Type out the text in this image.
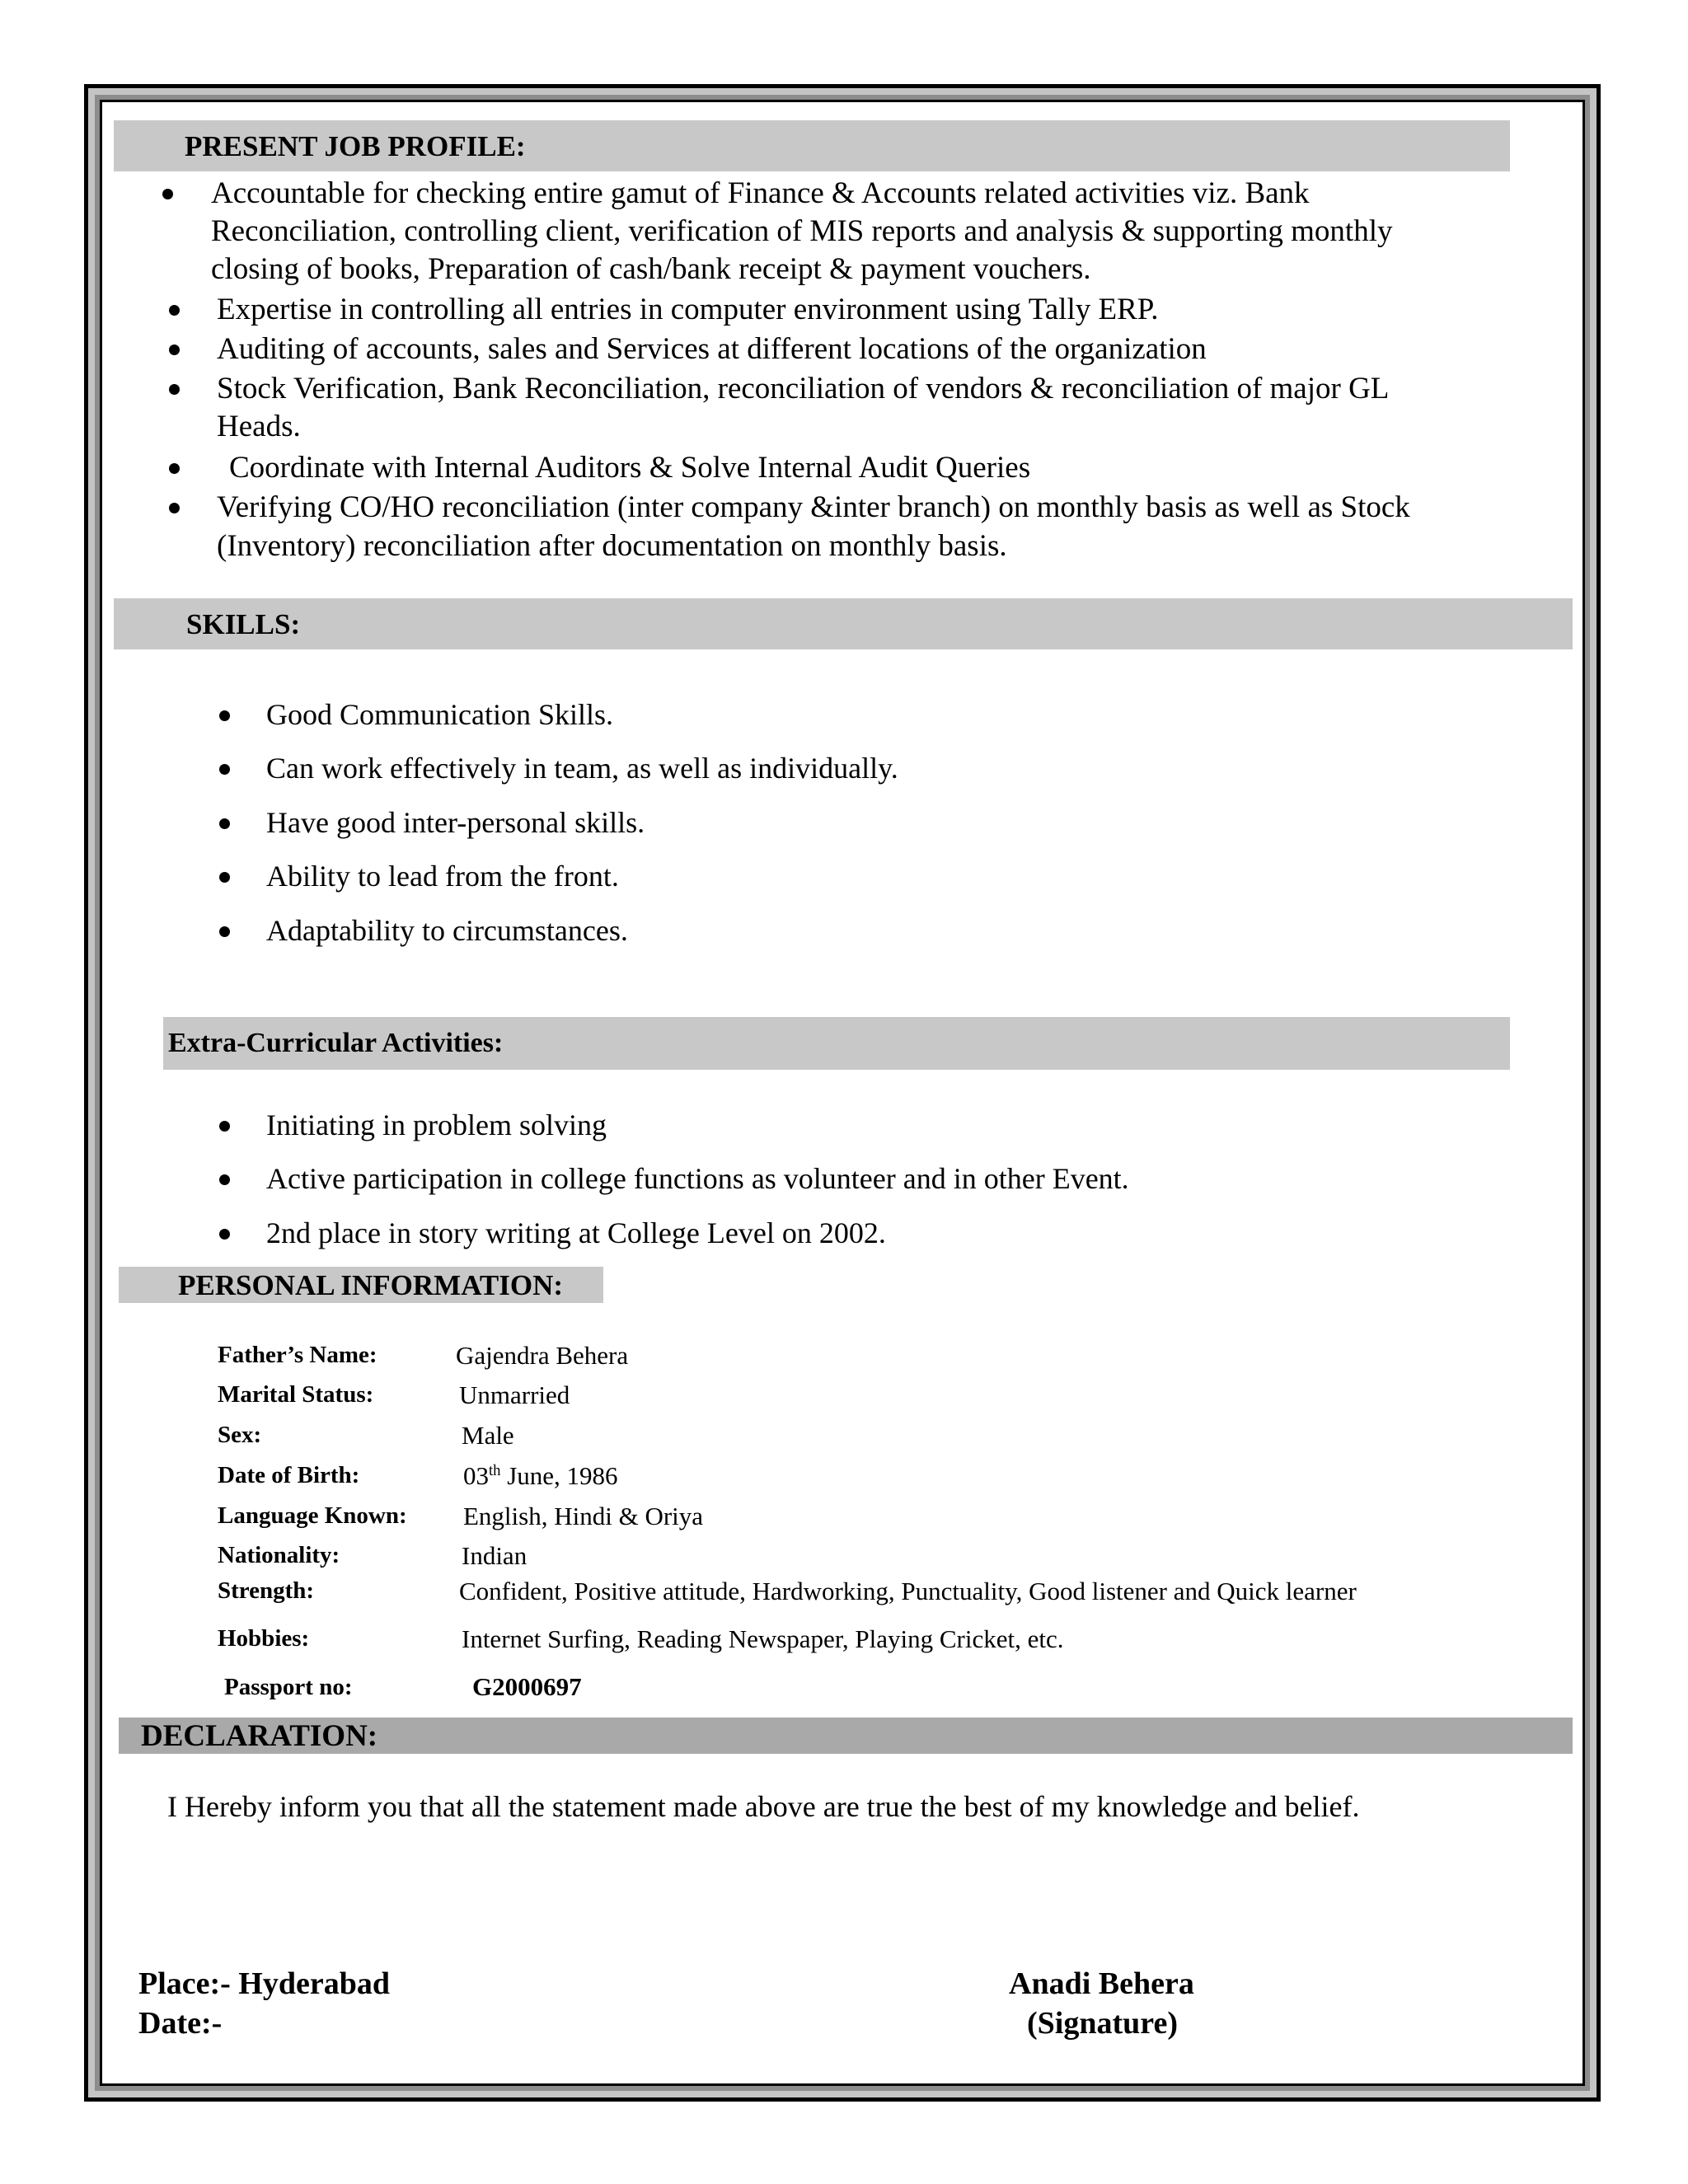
PRESENT JOB PROFILE:
Accountable for checking entire gamut of Finance & Accounts related activities viz. Bank
Reconciliation, controlling client, verification of MIS reports and analysis & supporting monthly
closing of books, Preparation of cash/bank receipt & payment vouchers.
Expertise in controlling all entries in computer environment using Tally ERP.
Auditing of accounts, sales and Services at different locations of the organization
Stock Verification, Bank Reconciliation, reconciliation of vendors & reconciliation of major GL
Heads.
Coordinate with Internal Auditors & Solve Internal Audit Queries
Verifying CO/HO reconciliation (inter company &inter branch) on monthly basis as well as Stock
(Inventory) reconciliation after documentation on monthly basis.
SKILLS:
Good Communication Skills.
Can work effectively in team, as well as individually.
Have good inter-personal skills.
Ability to lead from the front.
Adaptability to circumstances.
Extra-Curricular Activities:
Initiating in problem solving
Active participation in college functions as volunteer and in other Event.
2nd place in story writing at College Level on 2002.
PERSONAL INFORMATION:
Father’s Name:	Gajendra Behera
Marital Status:	Unmarried
Sex:	Male
Date of Birth:	03th June, 1986
Language Known: English, Hindi & Oriya
Nationality:	Indian
Strength:	Confident, Positive attitude, Hardworking, Punctuality, Good listener and Quick learner
Hobbies:	Internet Surfing, Reading Newspaper, Playing Cricket, etc.
Passport no:	G2000697
DECLARATION:
I Hereby inform you that all the statement made above are true the best of my knowledge and belief.
Place:- Hyderabad
Date:-
Anadi Behera
(Signature)
